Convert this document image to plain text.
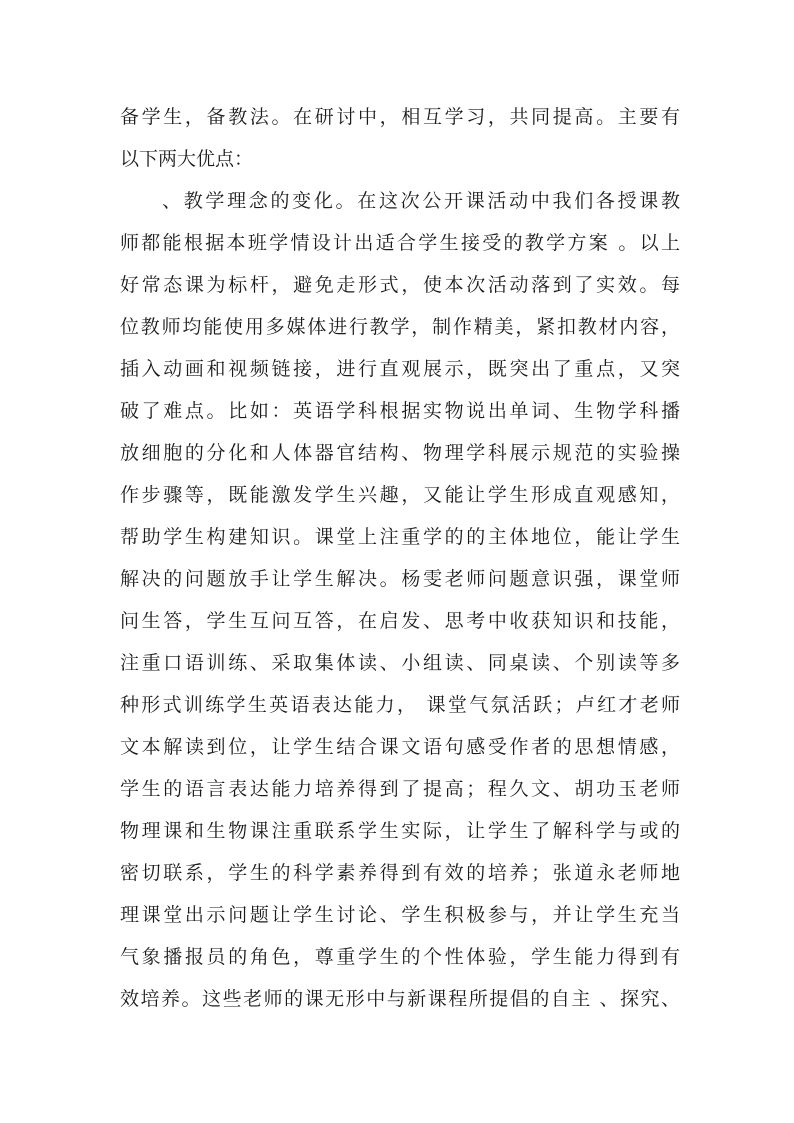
备学生，备教法。在研讨中，相互学习，共同提高。主要有
以下两大优点：
、教学理念的变化。在这次公开课活动中我们各授课教
师都能根据本班学情设计出适合学生接受的教学方案 。以上
好常态课为标杆，避免走形式，使本次活动落到了实效。每
位教师均能使用多媒体进行教学，制作精美，紧扣教材内容，
插入动画和视频链接，进行直观展示，既突出了重点，又突
破了难点。比如：英语学科根据实物说出单词、生物学科播
放细胞的分化和人体器官结构、物理学科展示规范的实验操
作步骤等，既能激发学生兴趣，又能让学生形成直观感知，
帮助学生构建知识。课堂上注重学的的主体地位，能让学生
解决的问题放手让学生解决。杨雯老师问题意识强，课堂师
问生答，学生互问互答，在启发、思考中收获知识和技能，
注重口语训练、采取集体读、小组读、同桌读、个别读等多
种形式训练学生英语表达能力， 课堂气氛活跃；卢红才老师
文本解读到位，让学生结合课文语句感受作者的思想情感，
学生的语言表达能力培养得到了提高；程久文、胡功玉老师
物理课和生物课注重联系学生实际，让学生了解科学与或的
密切联系，学生的科学素养得到有效的培养；张道永老师地
理课堂出示问题让学生讨论、学生积极参与，并让学生充当
气象播报员的角色，尊重学生的个性体验，学生能力得到有
效培养。这些老师的课无形中与新课程所提倡的自主 、探究、
